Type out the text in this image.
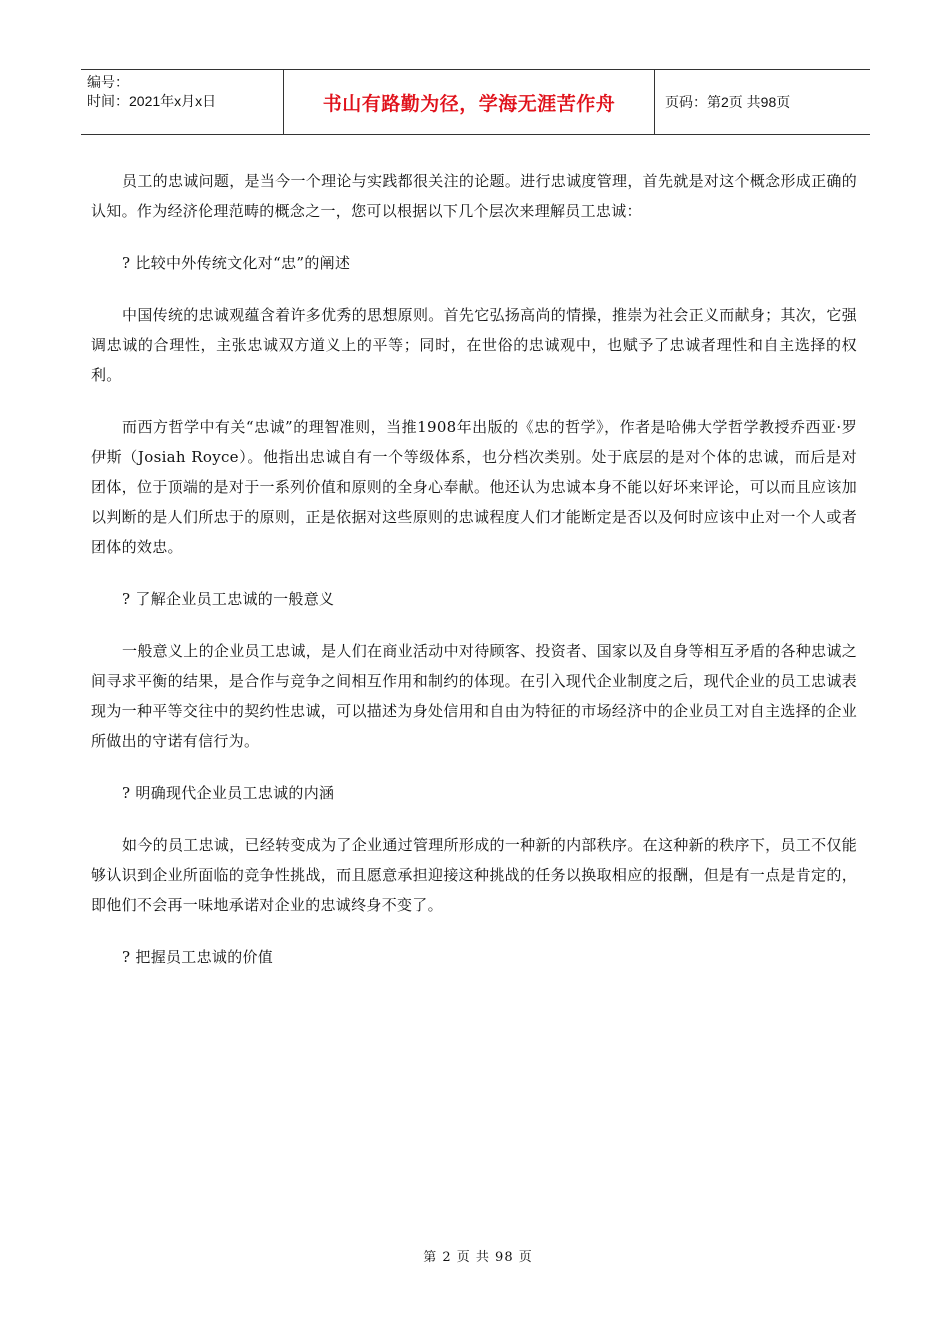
编号：
时间：2021年x月x日	书山有路勤为径，学海无涯苦作舟	页码：第2页 共98页

员工的忠诚问题，是当今一个理论与实践都很关注的论题。进行忠诚度管理，首先就是对这个概念形成正确的认知。作为经济伦理范畴的概念之一，您可以根据以下几个层次来理解员工忠诚：

? 比较中外传统文化对“忠”的阐述

中国传统的忠诚观蕴含着许多优秀的思想原则。首先它弘扬高尚的情操，推崇为社会正义而献身；其次，它强调忠诚的合理性，主张忠诚双方道义上的平等；同时，在世俗的忠诚观中，也赋予了忠诚者理性和自主选择的权利。

而西方哲学中有关“忠诚”的理智准则，当推1908年出版的《忠的哲学》，作者是哈佛大学哲学教授乔西亚·罗伊斯（Josiah Royce）。他指出忠诚自有一个等级体系，也分档次类别。处于底层的是对个体的忠诚，而后是对团体，位于顶端的是对于一系列价值和原则的全身心奉献。他还认为忠诚本身不能以好坏来评论，可以而且应该加以判断的是人们所忠于的原则，正是依据对这些原则的忠诚程度人们才能断定是否以及何时应该中止对一个人或者团体的效忠。

? 了解企业员工忠诚的一般意义

一般意义上的企业员工忠诚，是人们在商业活动中对待顾客、投资者、国家以及自身等相互矛盾的各种忠诚之间寻求平衡的结果，是合作与竞争之间相互作用和制约的体现。在引入现代企业制度之后，现代企业的员工忠诚表现为一种平等交往中的契约性忠诚，可以描述为身处信用和自由为特征的市场经济中的企业员工对自主选择的企业所做出的守诺有信行为。

? 明确现代企业员工忠诚的内涵

如今的员工忠诚，已经转变成为了企业通过管理所形成的一种新的内部秩序。在这种新的秩序下，员工不仅能够认识到企业所面临的竞争性挑战，而且愿意承担迎接这种挑战的任务以换取相应的报酬，但是有一点是肯定的，即他们不会再一味地承诺对企业的忠诚终身不变了。

? 把握员工忠诚的价值

第 2 页 共 98 页
